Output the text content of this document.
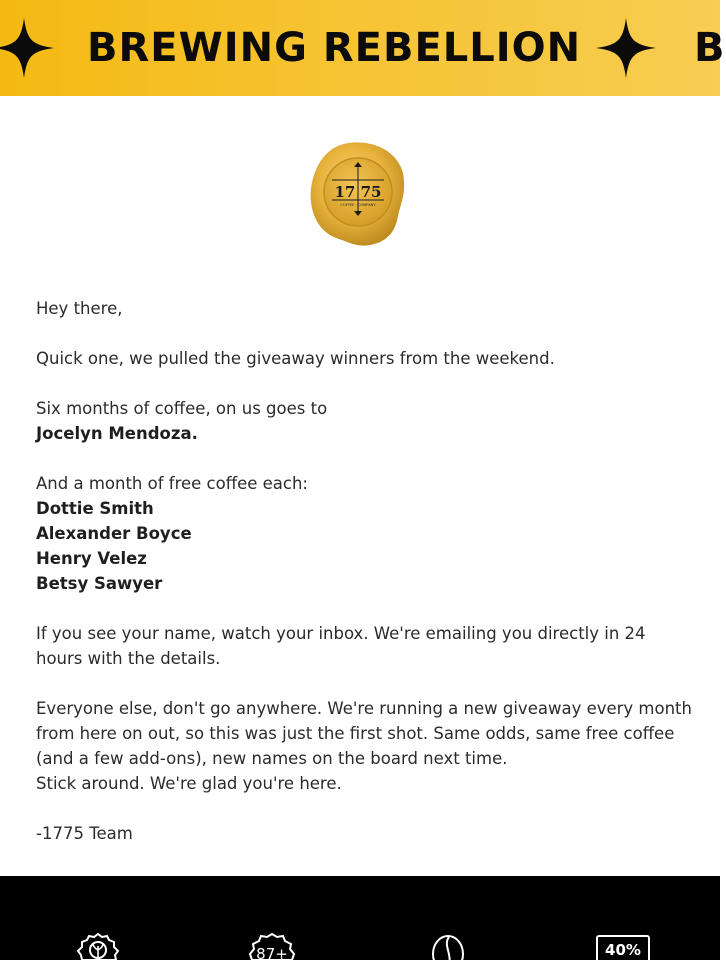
BREWING REBELLION	B
17 75
COFFEE · COMPANY

Hey there,

Quick one, we pulled the giveaway winners from the weekend.

Six months of coffee, on us goes to

Jocelyn Mendoza.

And a month of free coffee each:

Dottie Smith

Alexander Boyce

Henry Velez

Betsy Sawyer

If you see your name, watch your inbox. We're emailing you directly in 24 hours with the details.

Everyone else, don't go anywhere. We're running a new giveaway every month from here on out, so this was just the first shot. Same odds, same free coffee (and a few add-ons), new names on the board next time.

Stick around. We're glad you're here.

-1775 Team

87+	40%
